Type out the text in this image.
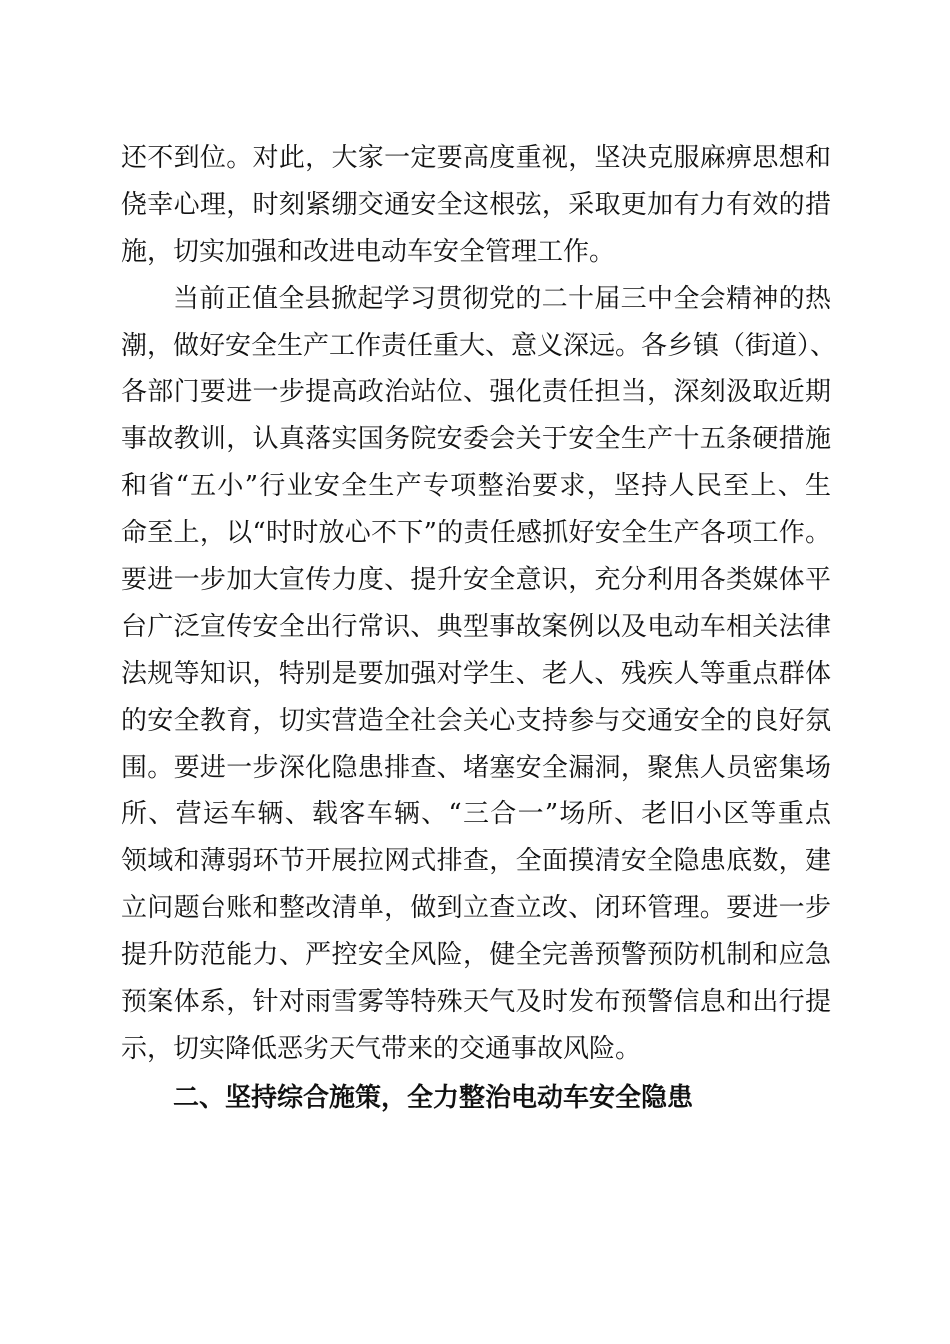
还不到位。对此，大家一定要高度重视，坚决克服麻痹思想和
侥幸心理，时刻紧绷交通安全这根弦，采取更加有力有效的措
施，切实加强和改进电动车安全管理工作。
当前正值全县掀起学习贯彻党的二十届三中全会精神的热
潮，做好安全生产工作责任重大、意义深远。各乡镇（街道）、
各部门要进一步提高政治站位、强化责任担当，深刻汲取近期
事故教训，认真落实国务院安委会关于安全生产十五条硬措施
和省“五小”行业安全生产专项整治要求，坚持人民至上、生
命至上，以“时时放心不下”的责任感抓好安全生产各项工作。
要进一步加大宣传力度、提升安全意识，充分利用各类媒体平
台广泛宣传安全出行常识、典型事故案例以及电动车相关法律
法规等知识，特别是要加强对学生、老人、残疾人等重点群体
的安全教育，切实营造全社会关心支持参与交通安全的良好氛
围。要进一步深化隐患排查、堵塞安全漏洞，聚焦人员密集场
所、营运车辆、载客车辆、“三合一”场所、老旧小区等重点
领域和薄弱环节开展拉网式排查，全面摸清安全隐患底数，建
立问题台账和整改清单，做到立查立改、闭环管理。要进一步
提升防范能力、严控安全风险，健全完善预警预防机制和应急
预案体系，针对雨雪雾等特殊天气及时发布预警信息和出行提
示，切实降低恶劣天气带来的交通事故风险。
二、坚持综合施策，全力整治电动车安全隐患
